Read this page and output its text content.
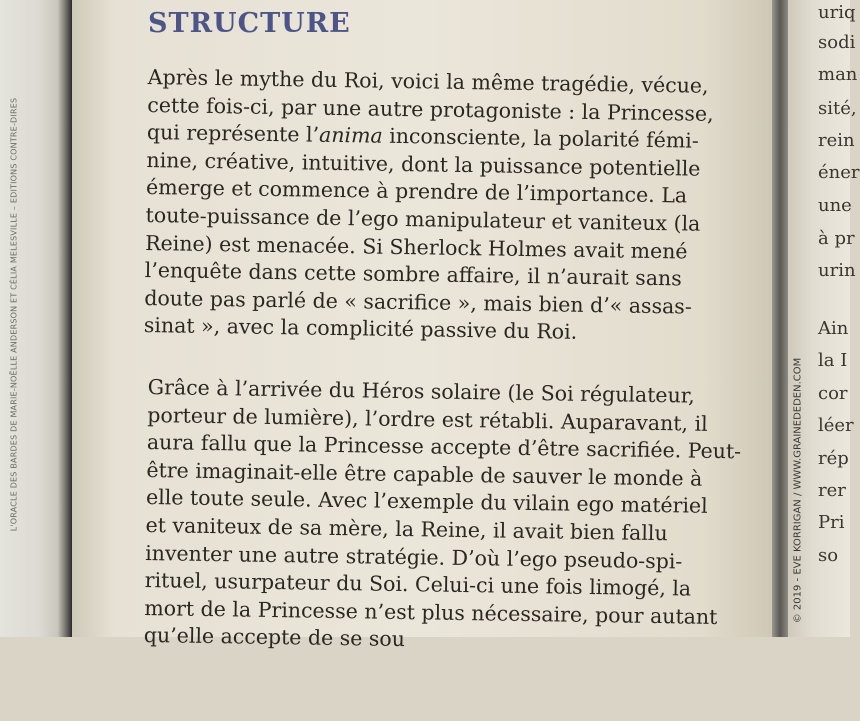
L'ORACLE DES BARDES DE MARIE-NOËLLE ANDERSON ET CÉLIA MELESVILLE – EDITIONS CONTRE-DIRES
STRUCTURE
Après le mythe du Roi, voici la même tragédie, vécue,
cette fois-ci, par une autre protagoniste : la Princesse,
qui représente l’anima inconsciente, la polarité fémi-
nine, créative, intuitive, dont la puissance potentielle
émerge et commence à prendre de l’importance. La
toute-puissance de l’ego manipulateur et vaniteux (la
Reine) est menacée. Si Sherlock Holmes avait mené
l’enquête dans cette sombre affaire, il n’aurait sans
doute pas parlé de « sacrifice », mais bien d’« assas-
sinat », avec la complicité passive du Roi.
Grâce à l’arrivée du Héros solaire (le Soi régulateur,
porteur de lumière), l’ordre est rétabli. Auparavant, il
aura fallu que la Princesse accepte d’être sacrifiée. Peut-
être imaginait-elle être capable de sauver le monde à
elle toute seule. Avec l’exemple du vilain ego matériel
et vaniteux de sa mère, la Reine, il avait bien fallu
inventer une autre stratégie. D’où l’ego pseudo-spi-
rituel, usurpateur du Soi. Celui-ci une fois limogé, la
mort de la Princesse n’est plus nécessaire, pour autant
qu’elle accepte de se sou
© 2019 - EVE KORRIGAN / WWW.GRAINEDEDEN.COM
uriq
sodi
man
sité,
rein
éner
une
à pr
urin
Ain
la I
cor
léer
rép
rer
Pri
so
